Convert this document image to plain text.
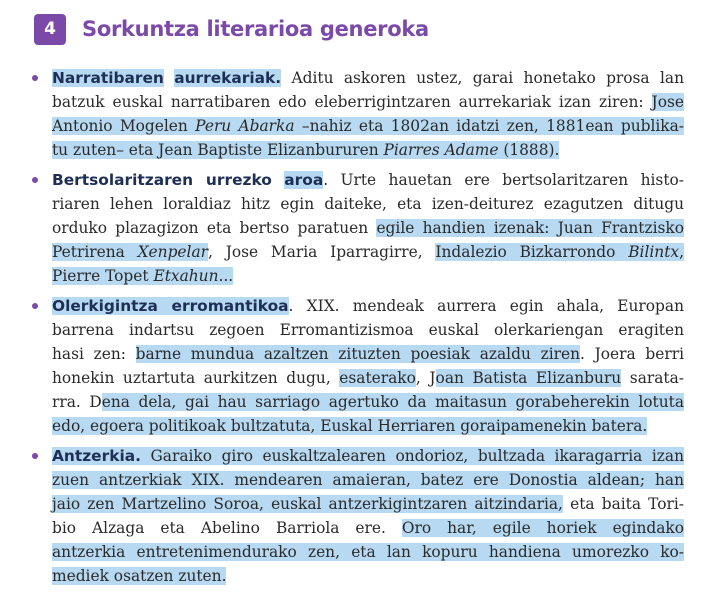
4	Sorkuntza literarioa generoka
Narratibaren aurrekariak. Aditu askoren ustez, garai honetako prosa lan
batzuk euskal narratibaren edo eleberrigintzaren aurrekariak izan ziren: Jose
Antonio Mogelen Peru Abarka –nahiz eta 1802an idatzi zen, 1881ean publika-
tu zuten– eta Jean Baptiste Elizanbururen Piarres Adame (1888).
Bertsolaritzaren urrezko aroa. Urte hauetan ere bertsolaritzaren histo-
riaren lehen loraldiaz hitz egin daiteke, eta izen-deiturez ezagutzen ditugu
orduko plazagizon eta bertso paratuen egile handien izenak: Juan Frantzisko
Petrirena Xenpelar, Jose Maria Iparragirre, Indalezio Bizkarrondo Bilintx,
Pierre Topet Etxahun...
Olerkigintza erromantikoa. XIX. mendeak aurrera egin ahala, Europan
barrena indartsu zegoen Erromantizismoa euskal olerkariengan eragiten
hasi zen: barne mundua azaltzen zituzten poesiak azaldu ziren. Joera berri
honekin uztartuta aurkitzen dugu, esaterako, Joan Batista Elizanburu sarata-
rra. Dena dela, gai hau sarriago agertuko da maitasun gorabeherekin lotuta
edo, egoera politikoak bultzatuta, Euskal Herriaren goraipamenekin batera.
Antzerkia. Garaiko giro euskaltzalearen ondorioz, bultzada ikaragarria izan
zuen antzerkiak XIX. mendearen amaieran, batez ere Donostia aldean; han
jaio zen Martzelino Soroa, euskal antzerkigintzaren aitzindaria, eta baita Tori-
bio Alzaga eta Abelino Barriola ere. Oro har, egile horiek egindako
antzerkia entretenimendurako zen, eta lan kopuru handiena umorezko ko-
mediek osatzen zuten.
